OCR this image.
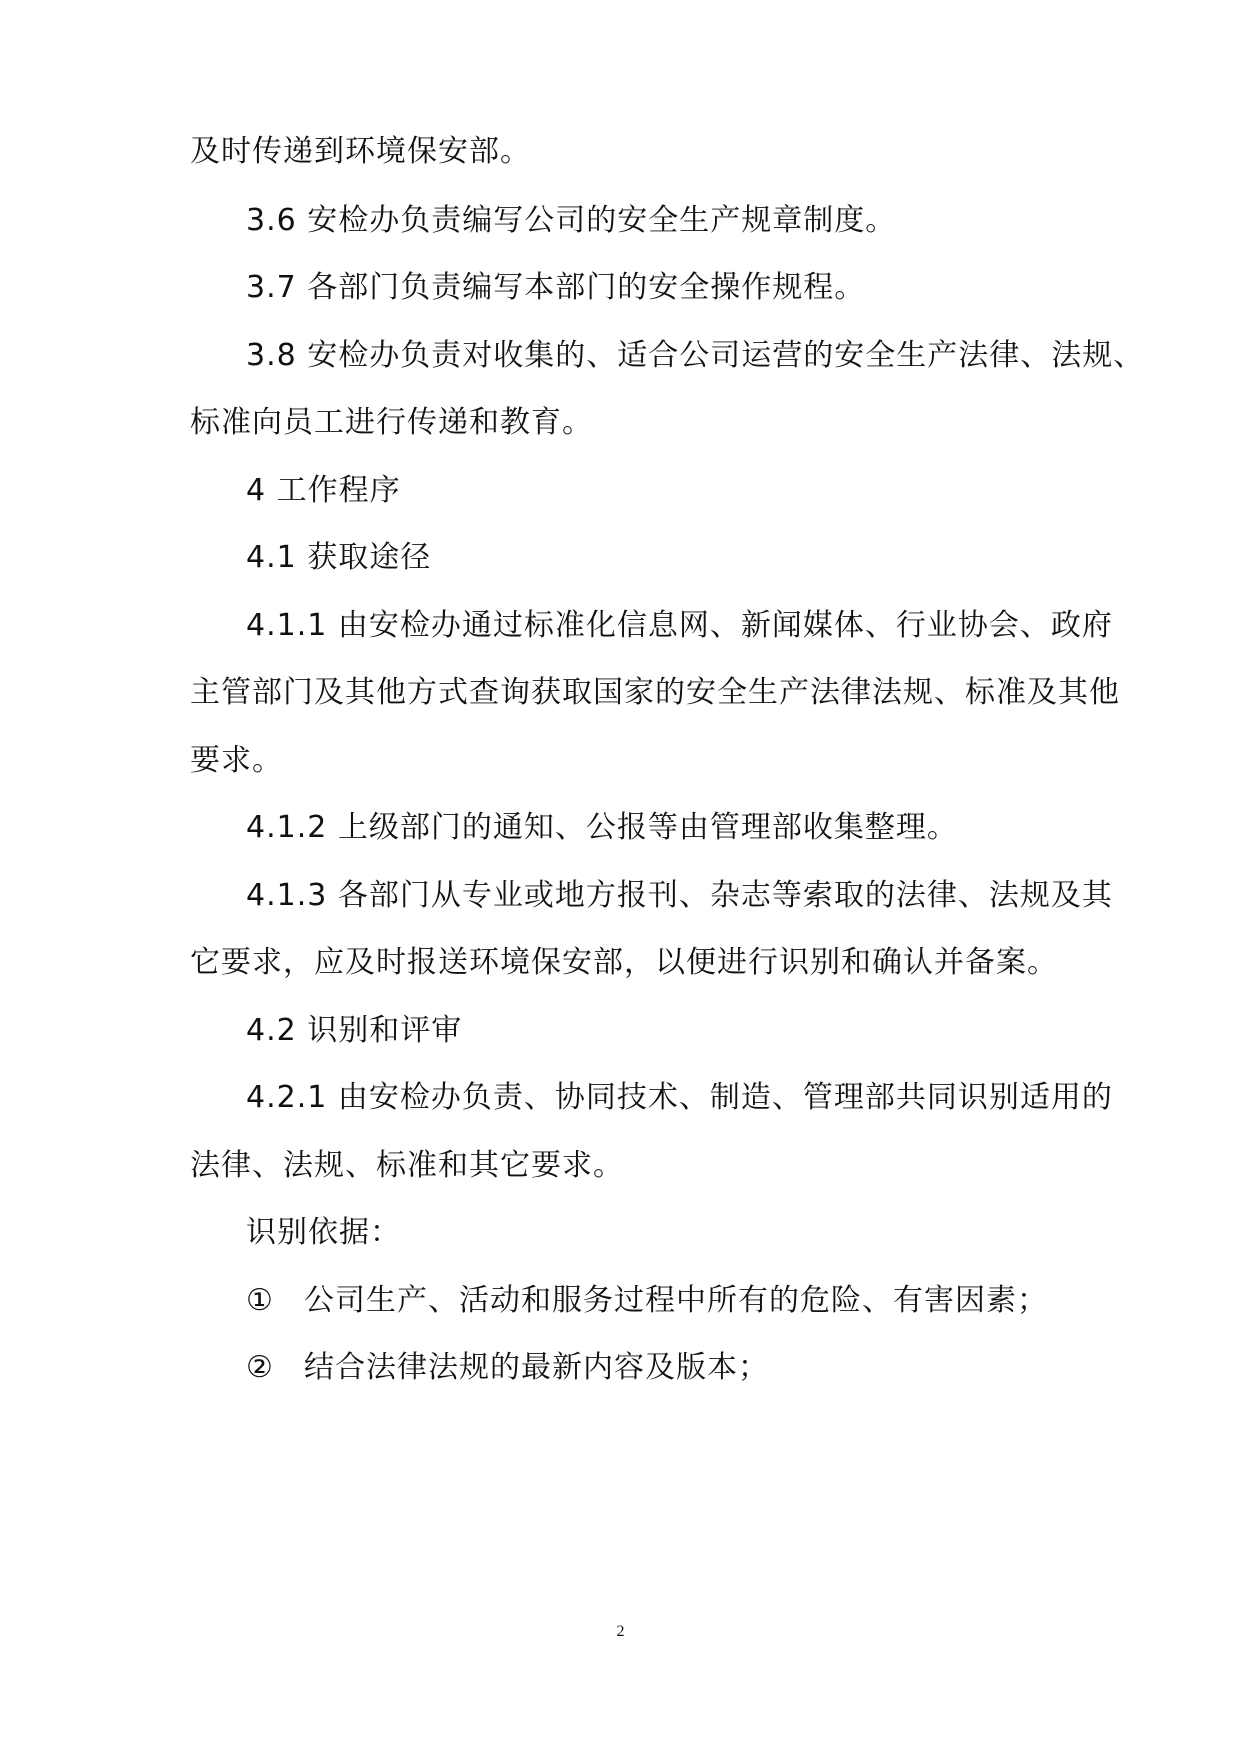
及时传递到环境保安部。
3.6 安检办负责编写公司的安全生产规章制度。
3.7 各部门负责编写本部门的安全操作规程。
3.8 安检办负责对收集的、适合公司运营的安全生产法律、法规、
标准向员工进行传递和教育。
4 工作程序
4.1 获取途径
4.1.1 由安检办通过标准化信息网、新闻媒体、行业协会、政府
主管部门及其他方式查询获取国家的安全生产法律法规、标准及其他
要求。
4.1.2 上级部门的通知、公报等由管理部收集整理。
4.1.3 各部门从专业或地方报刊、杂志等索取的法律、法规及其
它要求，应及时报送环境保安部，以便进行识别和确认并备案。
4.2 识别和评审
4.2.1 由安检办负责、协同技术、制造、管理部共同识别适用的
法律、法规、标准和其它要求。
识别依据：
① 公司生产、活动和服务过程中所有的危险、有害因素；
② 结合法律法规的最新内容及版本；
2
